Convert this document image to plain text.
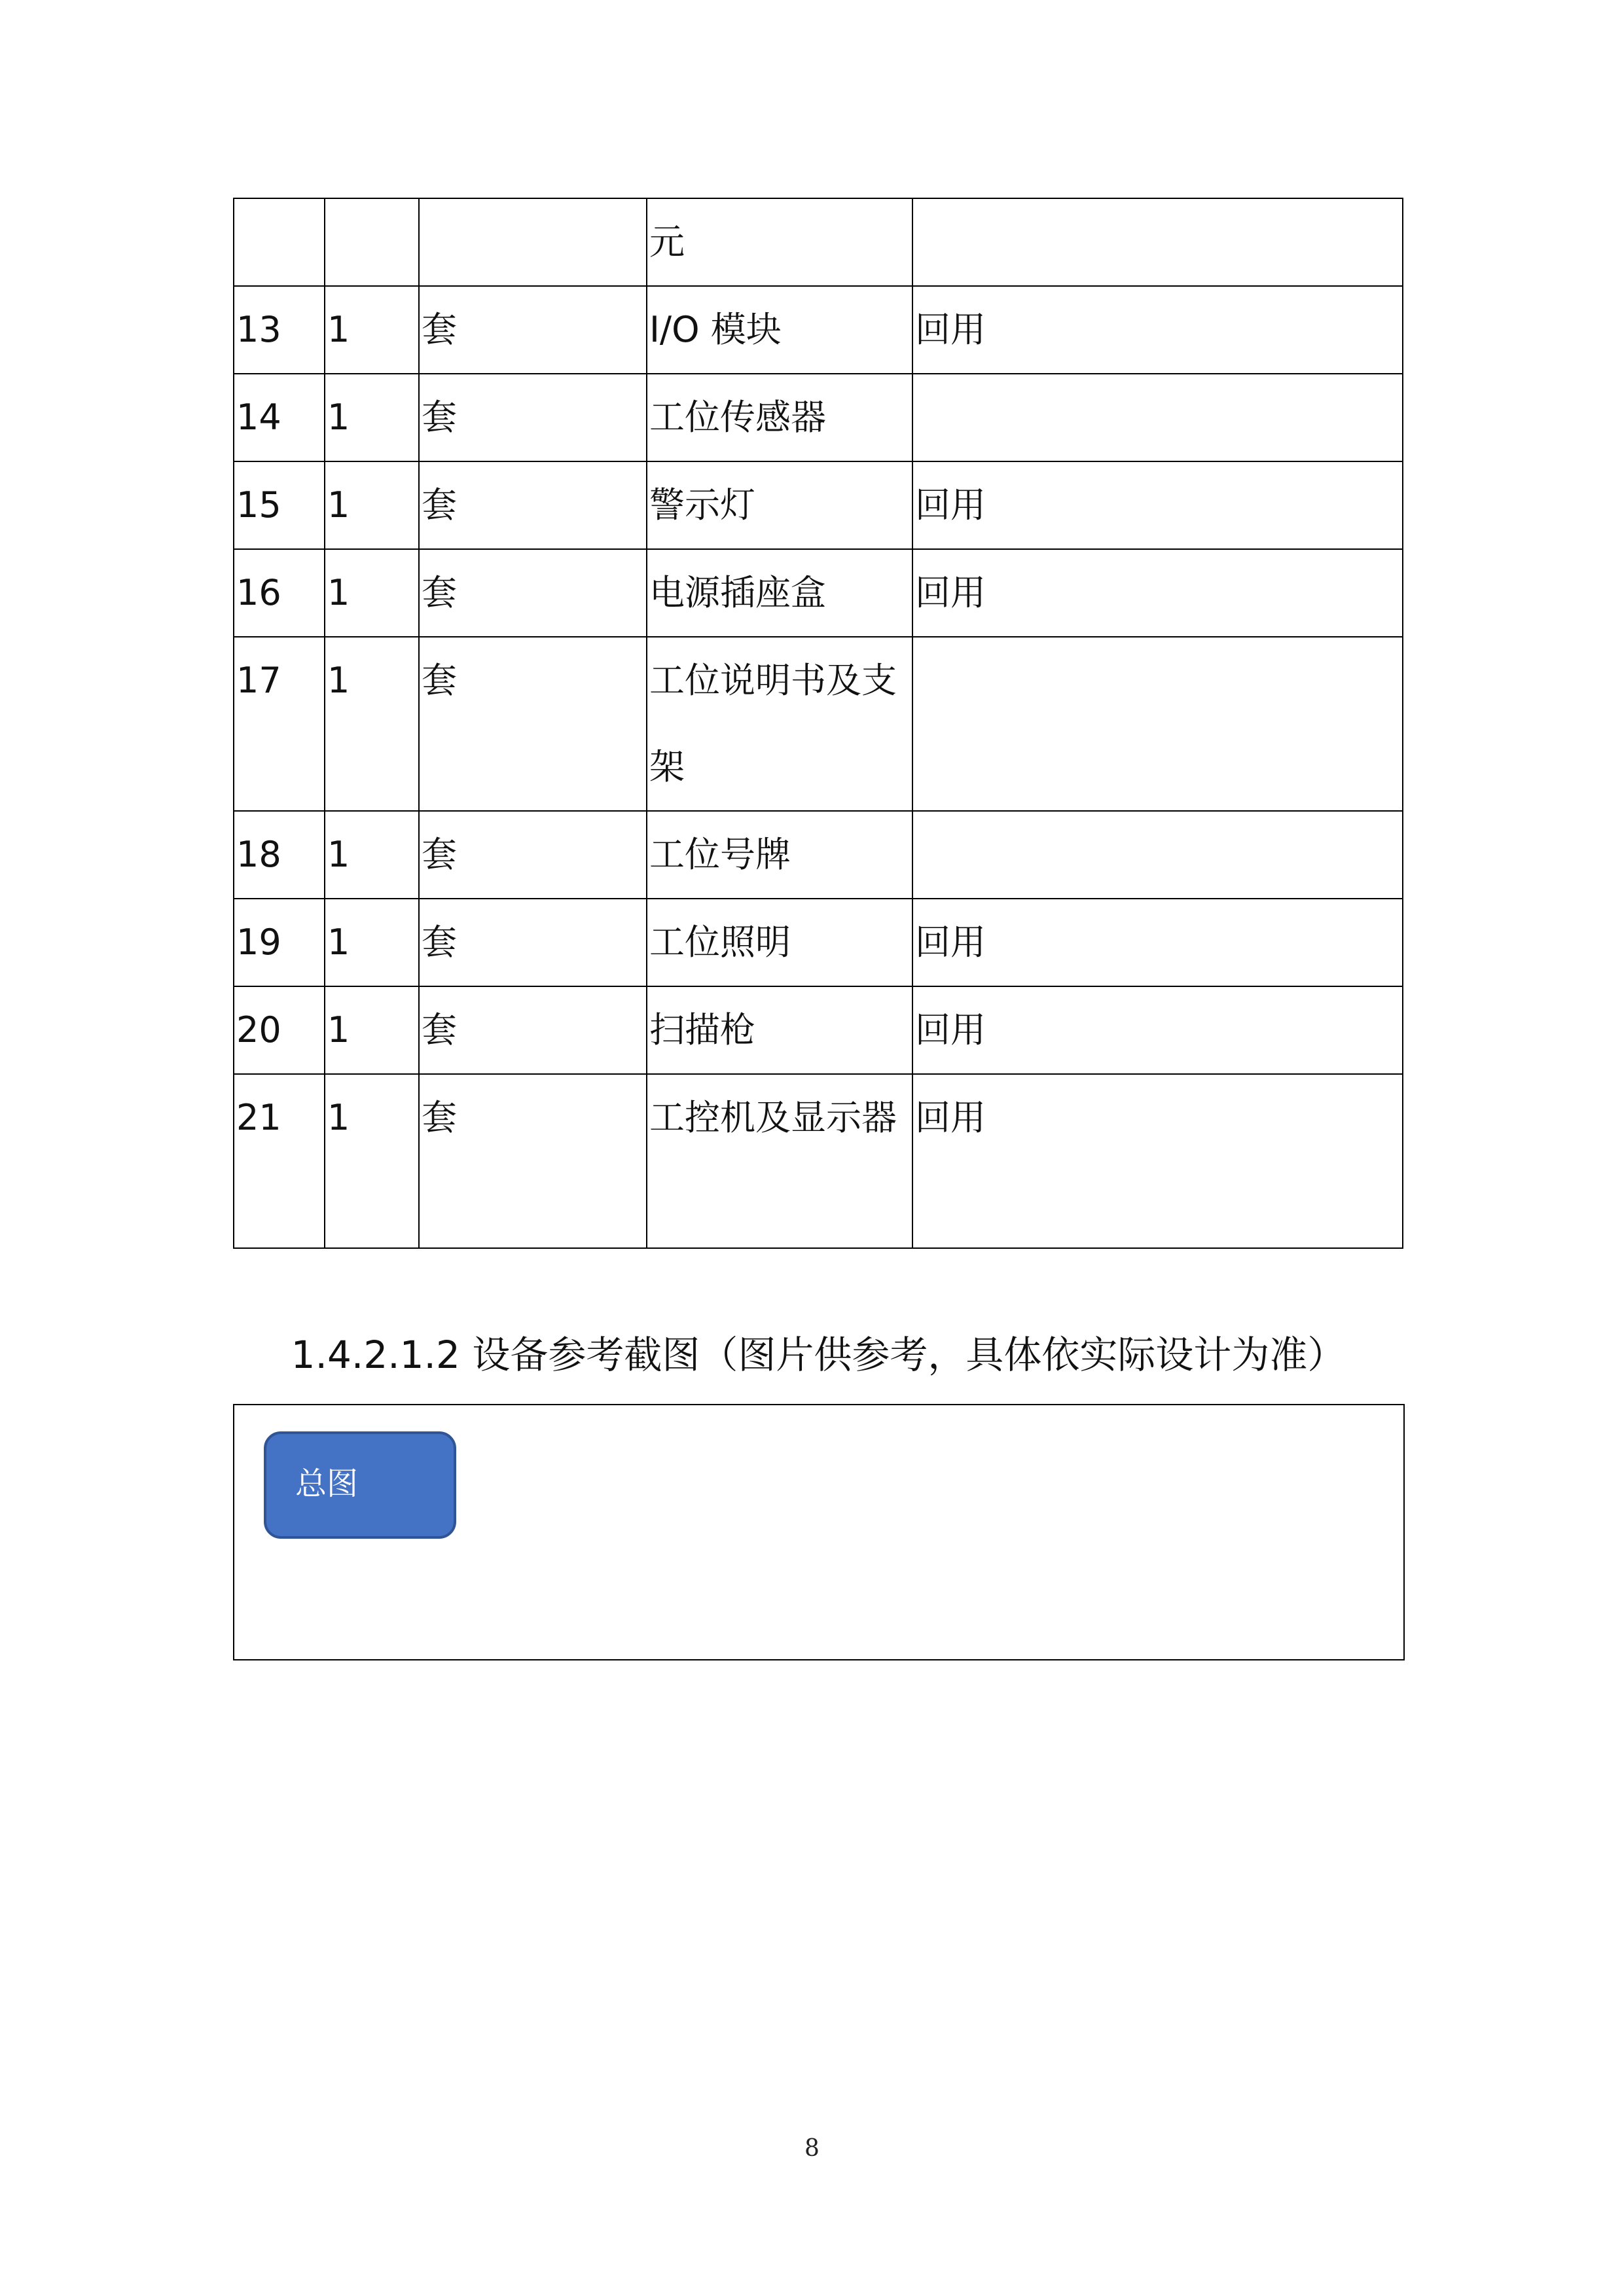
			元	

13	1	套	I/O 模块	回用

14	1	套	工位传感器	

15	1	套	警示灯	回用

16	1	套	电源插座盒	回用

17	1	套	工位说明书及支架	

18	1	套	工位号牌	

19	1	套	工位照明	回用

20	1	套	扫描枪	回用

21	1	套	工控机及显示器	回用
1.4.2.1.2 设备参考截图（图片供参考，具体依实际设计为准）
总图
8
